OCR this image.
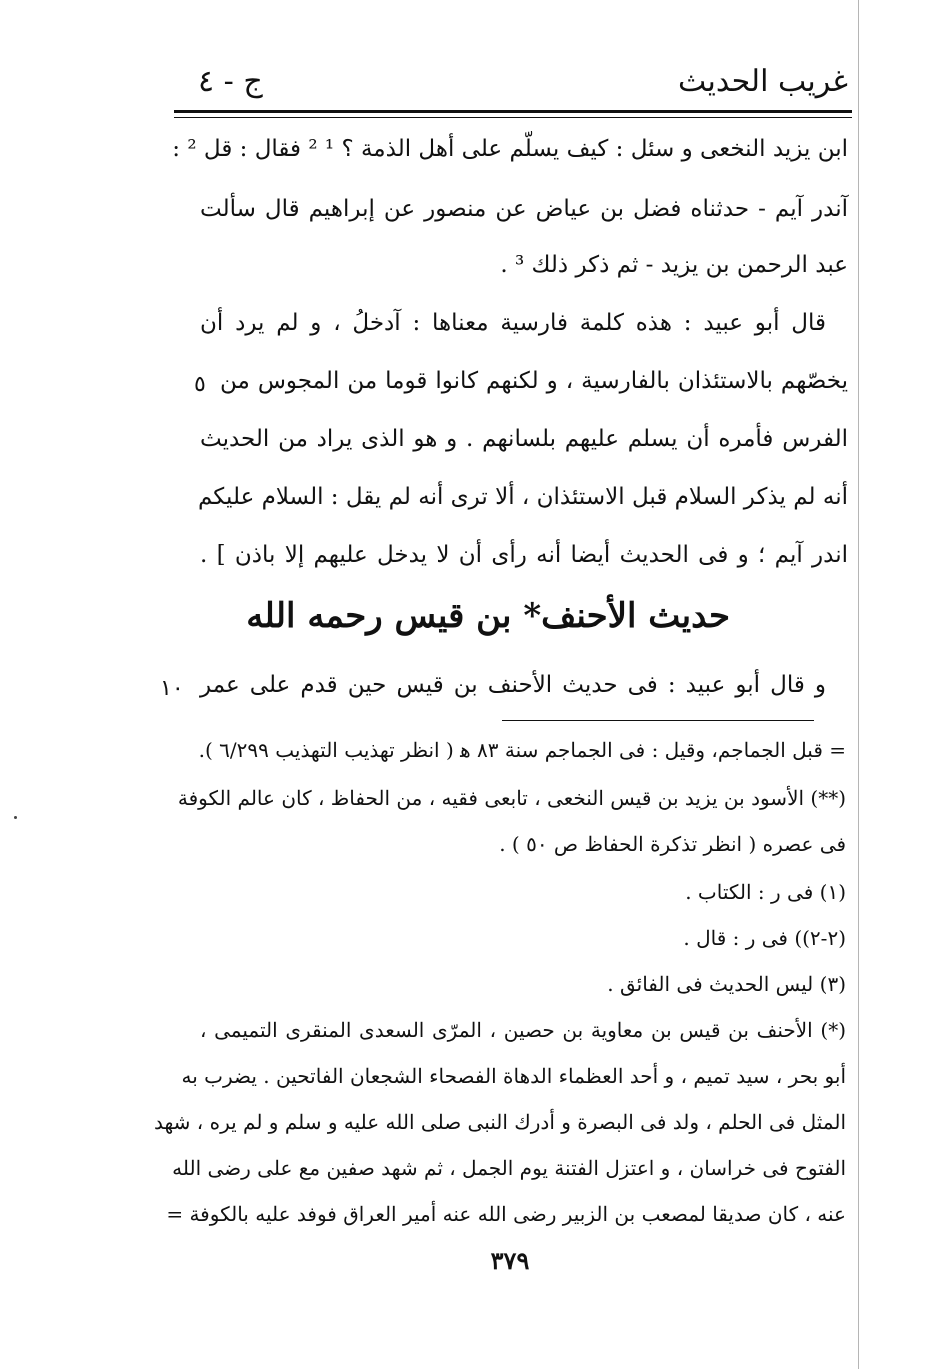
غريب الحديث
ج - ٤
ابن يزيد النخعى و سئل : كيف يسلّم على أهل الذمة ؟ ¹ ² فقال : قل ² :
آندر آيم - حدثناه فضل بن عياض عن منصور عن إبراهيم قال سألت
عبد الرحمن بن يزيد - ثم ذكر ذلك ³ .
قال أبو عبيد : هذه كلمة فارسية معناها : آدخلُ ، و لم يرد أن
يخصّهم بالاستئذان بالفارسية ، و لكنهم كانوا قوما من المجوس من
الفرس فأمره أن يسلم عليهم بلسانهم . و هو الذى يراد من الحديث
أنه لم يذكر السلام قبل الاستئذان ، ألا ترى أنه لم يقل : السلام عليكم
اندر آيم ؛ و فى الحديث أيضا أنه رأى أن لا يدخل عليهم إلا باذن ] .
٥
حديث الأحنف* بن قيس رحمه الله
و قال أبو عبيد : فى حديث الأحنف بن قيس حين قدم على عمر
١٠
= قبل الجماجم، وقيل : فى الجماجم سنة ٨٣ ﻫ ( انظر تهذيب التهذيب ٦/٢٩٩ ).
(**) الأسود بن يزيد بن قيس النخعى ، تابعى فقيه ، من الحفاظ ، كان عالم الكوفة
فى عصره ( انظر تذكرة الحفاظ ص ٥٠ ) .
(١) فى ر : الكتاب .
(٢-٢)) فى ر : قال .
(٣) ليس الحديث فى الفائق .
(*) الأحنف بن قيس بن معاوية بن حصين ، المرّى السعدى المنقرى التميمى ،
أبو بحر ، سيد تميم ، و أحد العظماء الدهاة الفصحاء الشجعان الفاتحين . يضرب به
المثل فى الحلم ، ولد فى البصرة و أدرك النبى صلى الله عليه و سلم و لم يره ، شهد
الفتوح فى خراسان ، و اعتزل الفتنة يوم الجمل ، ثم شهد صفين مع على رضى الله
عنه ، كان صديقا لمصعب بن الزبير رضى الله عنه أمير العراق فوفد عليه بالكوفة =
٣٧٩
